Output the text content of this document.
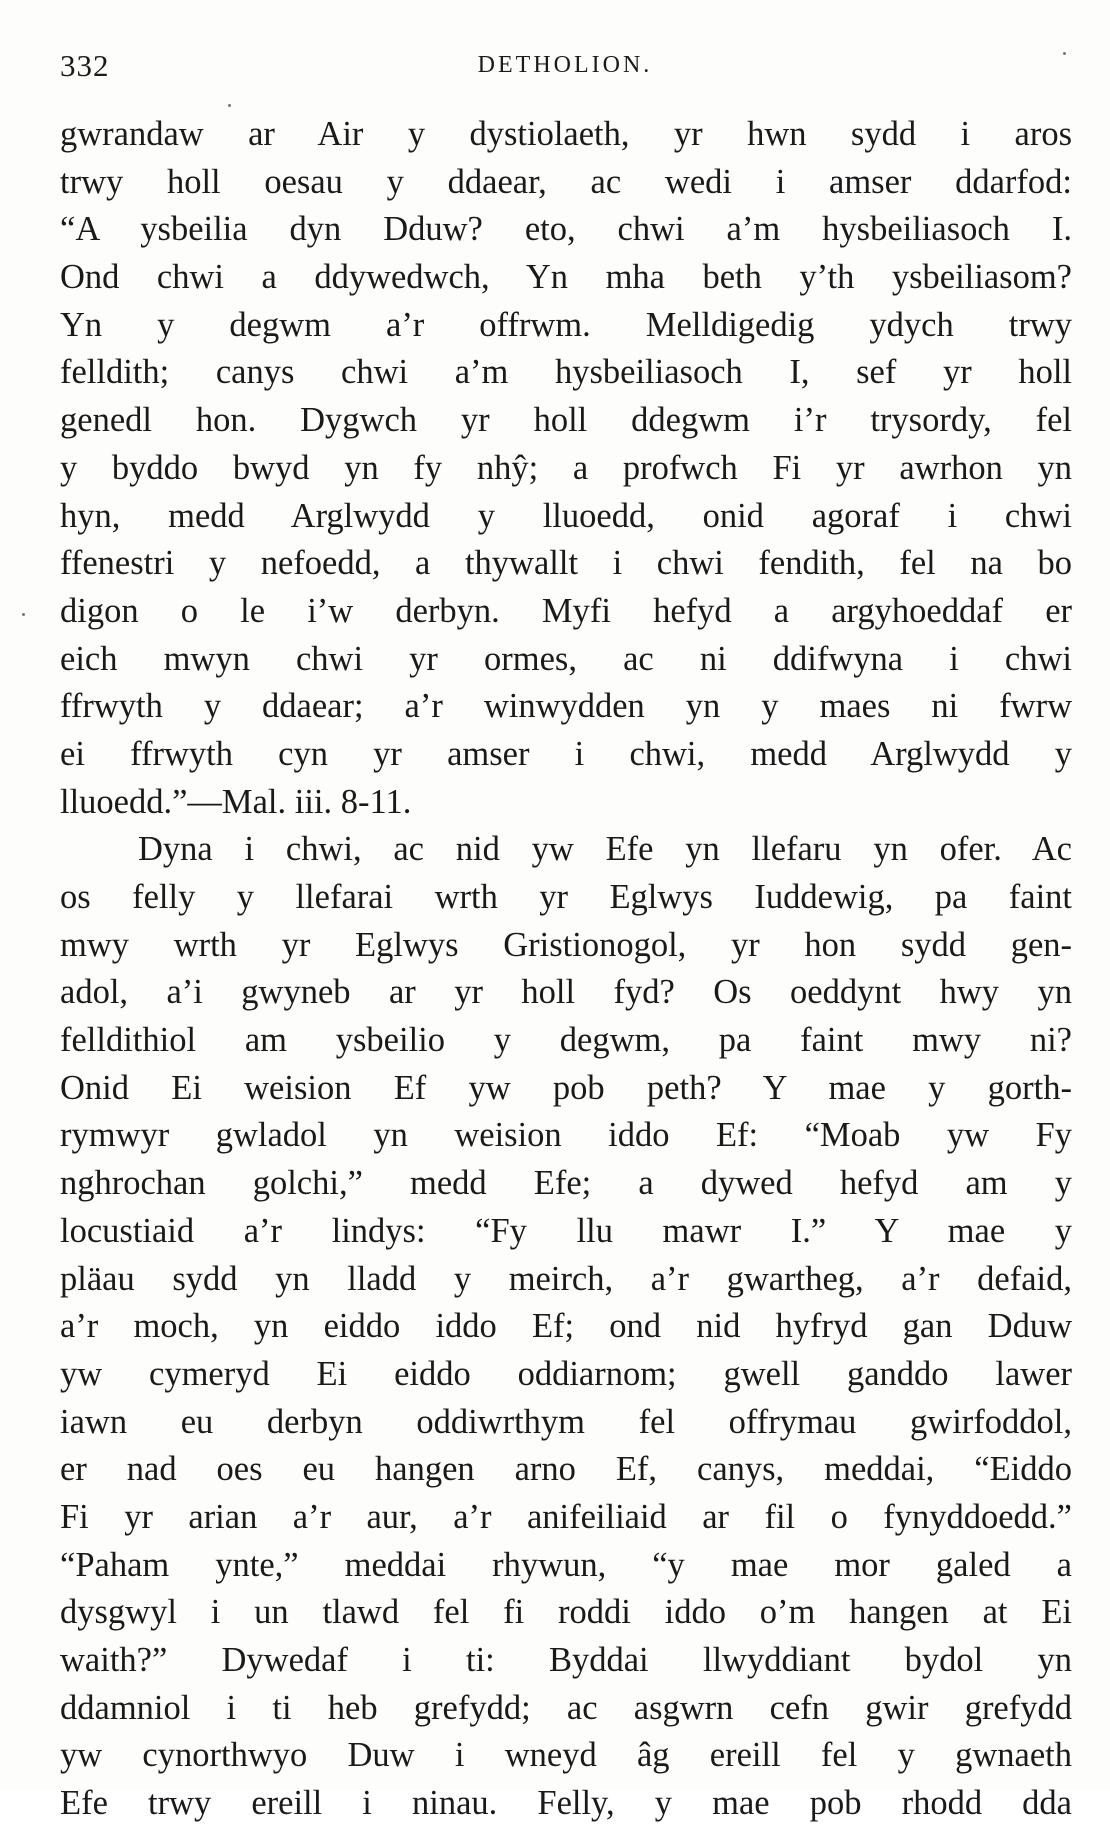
332	DETHOLION.
gwrandaw ar Air y dystiolaeth, yr hwn sydd i aros
trwy holl oesau y ddaear, ac wedi i amser ddarfod:
“A ysbeilia dyn Dduw? eto, chwi a’m hysbeiliasoch I.
Ond chwi a ddywedwch, Yn mha beth y’th ysbeiliasom?
Yn y degwm a’r offrwm. Melldigedig ydych trwy
felldith; canys chwi a’m hysbeiliasoch I, sef yr holl
genedl hon. Dygwch yr holl ddegwm i’r trysordy, fel
y byddo bwyd yn fy nhŷ; a profwch Fi yr awrhon yn
hyn, medd Arglwydd y lluoedd, onid agoraf i chwi
ffenestri y nefoedd, a thywallt i chwi fendith, fel na bo
digon o le i’w derbyn. Myfi hefyd a argyhoeddaf er
eich mwyn chwi yr ormes, ac ni ddifwyna i chwi
ffrwyth y ddaear; a’r winwydden yn y maes ni fwrw
ei ffrwyth cyn yr amser i chwi, medd Arglwydd y
lluoedd.”—Mal. iii. 8-11.
Dyna i chwi, ac nid yw Efe yn llefaru yn ofer. Ac
os felly y llefarai wrth yr Eglwys Iuddewig, pa faint
mwy wrth yr Eglwys Gristionogol, yr hon sydd gen-
adol, a’i gwyneb ar yr holl fyd? Os oeddynt hwy yn
felldithiol am ysbeilio y degwm, pa faint mwy ni?
Onid Ei weision Ef yw pob peth? Y mae y gorth-
rymwyr gwladol yn weision iddo Ef: “Moab yw Fy
nghrochan golchi,” medd Efe; a dywed hefyd am y
locustiaid a’r lindys: “Fy llu mawr I.” Y mae y
pläau sydd yn lladd y meirch, a’r gwartheg, a’r defaid,
a’r moch, yn eiddo iddo Ef; ond nid hyfryd gan Dduw
yw cymeryd Ei eiddo oddiarnom; gwell ganddo lawer
iawn eu derbyn oddiwrthym fel offrymau gwirfoddol,
er nad oes eu hangen arno Ef, canys, meddai, “Eiddo
Fi yr arian a’r aur, a’r anifeiliaid ar fil o fynyddoedd.”
“Paham ynte,” meddai rhywun, “y mae mor galed a
dysgwyl i un tlawd fel fi roddi iddo o’m hangen at Ei
waith?” Dywedaf i ti: Byddai llwyddiant bydol yn
ddamniol i ti heb grefydd; ac asgwrn cefn gwir grefydd
yw cynorthwyo Duw i wneyd âg ereill fel y gwnaeth
Efe trwy ereill i ninau. Felly, y mae pob rhodd dda
